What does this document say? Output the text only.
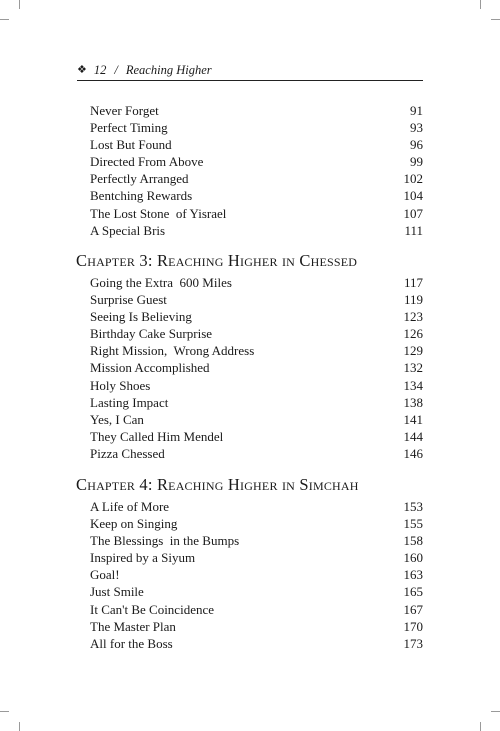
❖ 12 / Reaching Higher
Never Forget	91
Perfect Timing	93
Lost But Found	96
Directed From Above	99
Perfectly Arranged	102
Bentching Rewards	104
The Lost Stone  of Yisrael	107
A Special Bris	111
Chapter 3: Reaching Higher in Chessed
Going the Extra  600 Miles	117
Surprise Guest	119
Seeing Is Believing	123
Birthday Cake Surprise	126
Right Mission,  Wrong Address	129
Mission Accomplished	132
Holy Shoes	134
Lasting Impact	138
Yes, I Can	141
They Called Him Mendel	144
Pizza Chessed	146
Chapter 4: Reaching Higher in Simchah
A Life of More	153
Keep on Singing	155
The Blessings  in the Bumps	158
Inspired by a Siyum	160
Goal!	163
Just Smile	165
It Can't Be Coincidence	167
The Master Plan	170
All for the Boss	173
